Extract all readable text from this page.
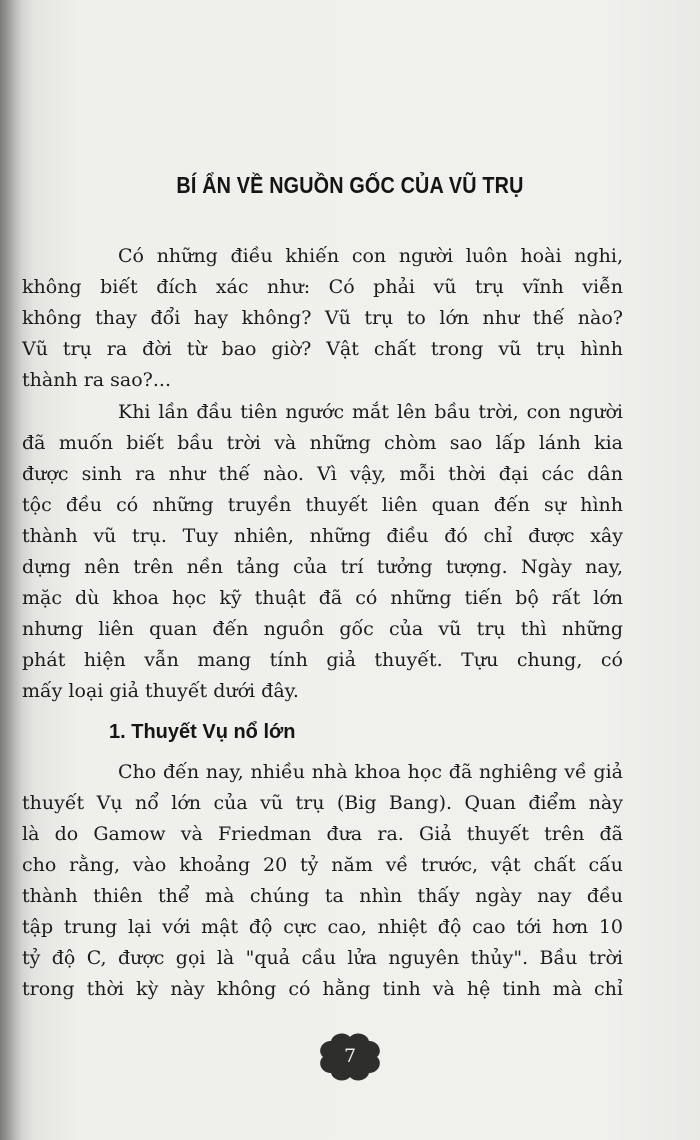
BÍ ẨN VỀ NGUỒN GỐC CỦA VŨ TRỤ
Có những điều khiến con người luôn hoài nghi,
không biết đích xác như: Có phải vũ trụ vĩnh viễn
không thay đổi hay không? Vũ trụ to lớn như thế nào?
Vũ trụ ra đời từ bao giờ? Vật chất trong vũ trụ hình
thành ra sao?...
Khi lần đầu tiên ngước mắt lên bầu trời, con người
đã muốn biết bầu trời và những chòm sao lấp lánh kia
được sinh ra như thế nào. Vì vậy, mỗi thời đại các dân
tộc đều có những truyền thuyết liên quan đến sự hình
thành vũ trụ. Tuy nhiên, những điều đó chỉ được xây
dựng nên trên nền tảng của trí tưởng tượng. Ngày nay,
mặc dù khoa học kỹ thuật đã có những tiến bộ rất lớn
nhưng liên quan đến nguồn gốc của vũ trụ thì những
phát hiện vẫn mang tính giả thuyết. Tựu chung, có
mấy loại giả thuyết dưới đây.
1. Thuyết Vụ nổ lớn
Cho đến nay, nhiều nhà khoa học đã nghiêng về giả
thuyết Vụ nổ lớn của vũ trụ (Big Bang). Quan điểm này
là do Gamow và Friedman đưa ra. Giả thuyết trên đã
cho rằng, vào khoảng 20 tỷ năm về trước, vật chất cấu
thành thiên thể mà chúng ta nhìn thấy ngày nay đều
tập trung lại với mật độ cực cao, nhiệt độ cao tới hơn 10
tỷ độ C, được gọi là "quả cầu lửa nguyên thủy". Bầu trời
trong thời kỳ này không có hằng tinh và hệ tinh mà chỉ
7
